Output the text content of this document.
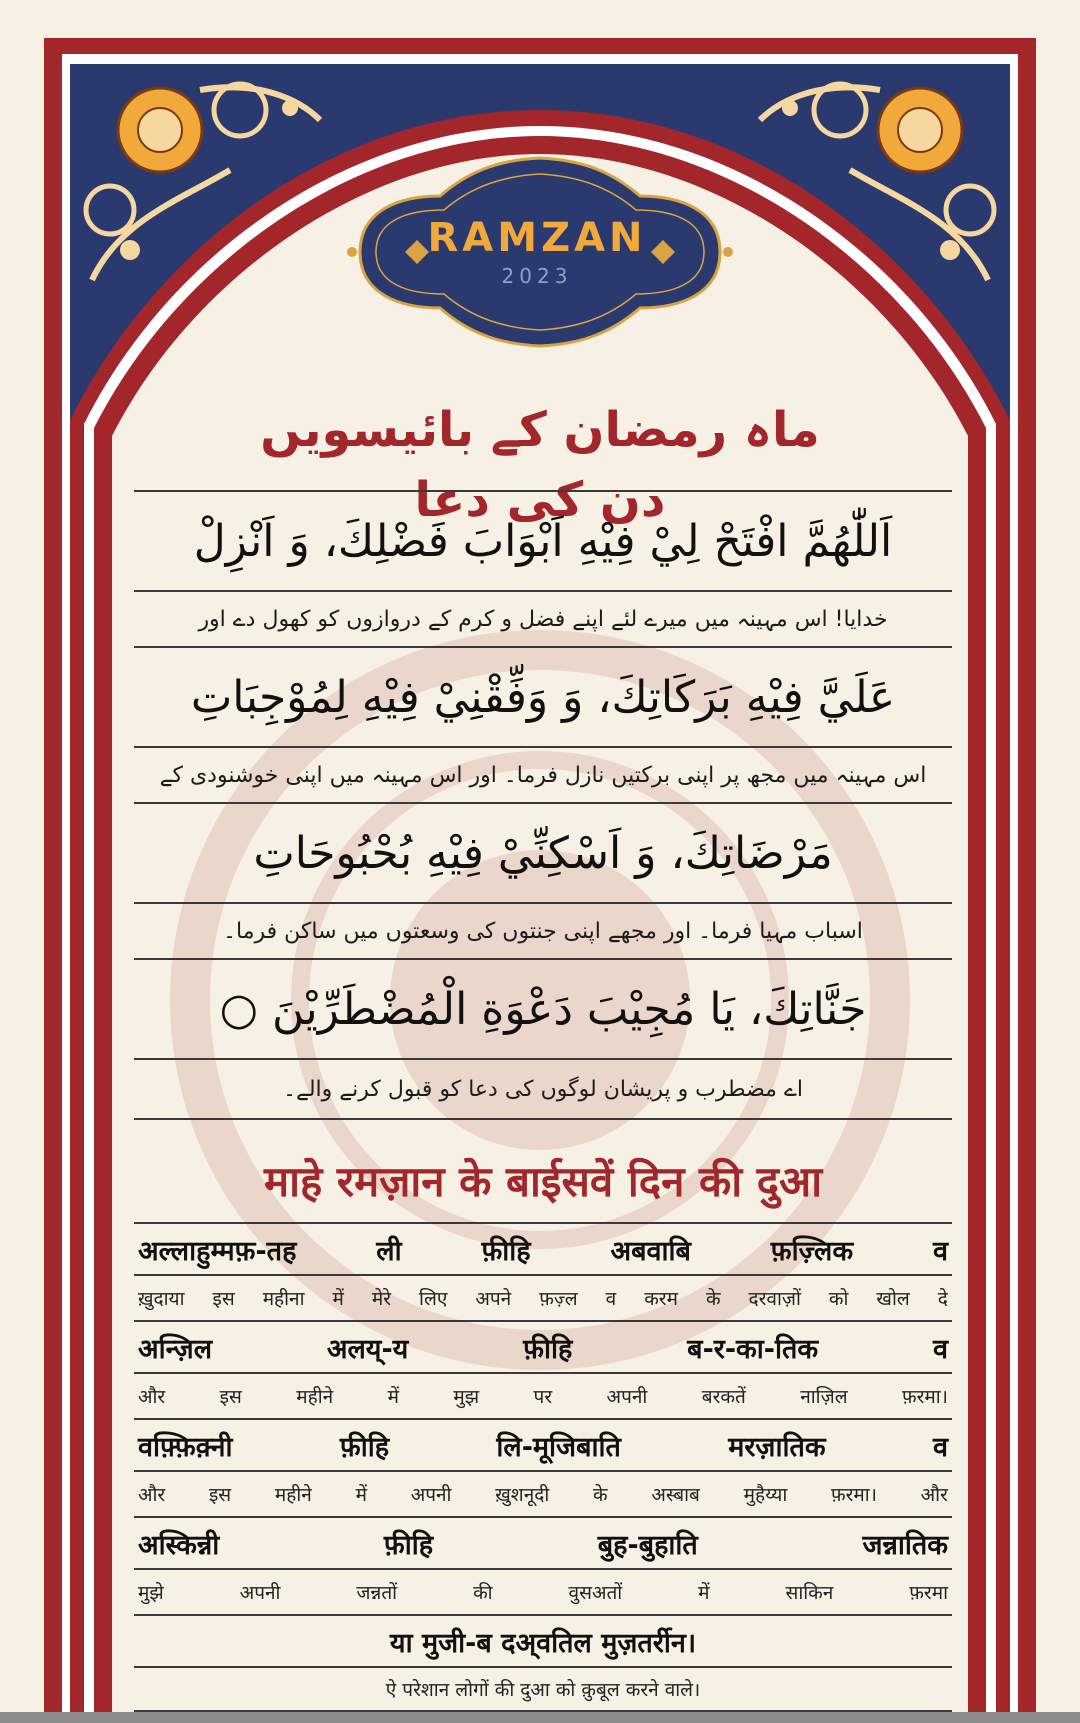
RAMZAN
2023
ماہ رمضان کے بائیسویں دن کی دعا
اَللّٰهُمَّ افْتَحْ لِيْ فِيْهِ اَبْوَابَ فَضْلِكَ، وَ اَنْزِلْ
خدایا! اس مہینہ میں میرے لئے اپنے فضل و کرم کے دروازوں کو کھول دے اور
عَلَيَّ فِيْهِ بَرَكَاتِكَ، وَ وَفِّقْنِيْ فِيْهِ لِمُوْجِبَاتِ
اس مہینہ میں مجھ پر اپنی برکتیں نازل فرما۔ اور اس مہینہ میں اپنی خوشنودی کے
مَرْضَاتِكَ، وَ اَسْكِنِّيْ فِيْهِ بُحْبُوحَاتِ
اسباب مہیا فرما۔ اور مجھے اپنی جنتوں کی وسعتوں میں ساکن فرما۔
جَنَّاتِكَ، يَا مُجِيْبَ دَعْوَةِ الْمُضْطَرِّيْنَ ○
اے مضطرب و پریشان لوگوں کی دعا کو قبول کرنے والے۔
माहे रमज़ान के बाईसवें दिन की दुआ
अल्लाहुम्मफ़-तह	ली	फ़ीहि	अबवाबि	फ़ज़्लिक	व
ख़ुदाया इस महीना में मेरे लिए अपने फ़ज़्ल व करम के दरवाज़ों को खोल दे
अन्ज़िल	अलय्-य	फ़ीहि	ब-र-का-तिक	व
और	इस	महीने	में	मुझ	पर	अपनी	बरकतें	नाज़िल	फ़रमा।
वफ़्फ़िक़्नी	फ़ीहि	लि-मूजिबाति	मरज़ातिक	व
और इस महीने में अपनी ख़ुशनूदी के अस्बाब मुहैय्या फ़रमा। और
अस्किन्नी	फ़ीहि	बुह-बुहाति	जन्नातिक
मुझे	अपनी	जन्नतों	की	वुसअतों	में	साकिन	फ़रमा
या मुजी-ब दअ्वतिल मुज़तर्रीन।
ऐ परेशान लोगों की दुआ को क़ुबूल करने वाले।
